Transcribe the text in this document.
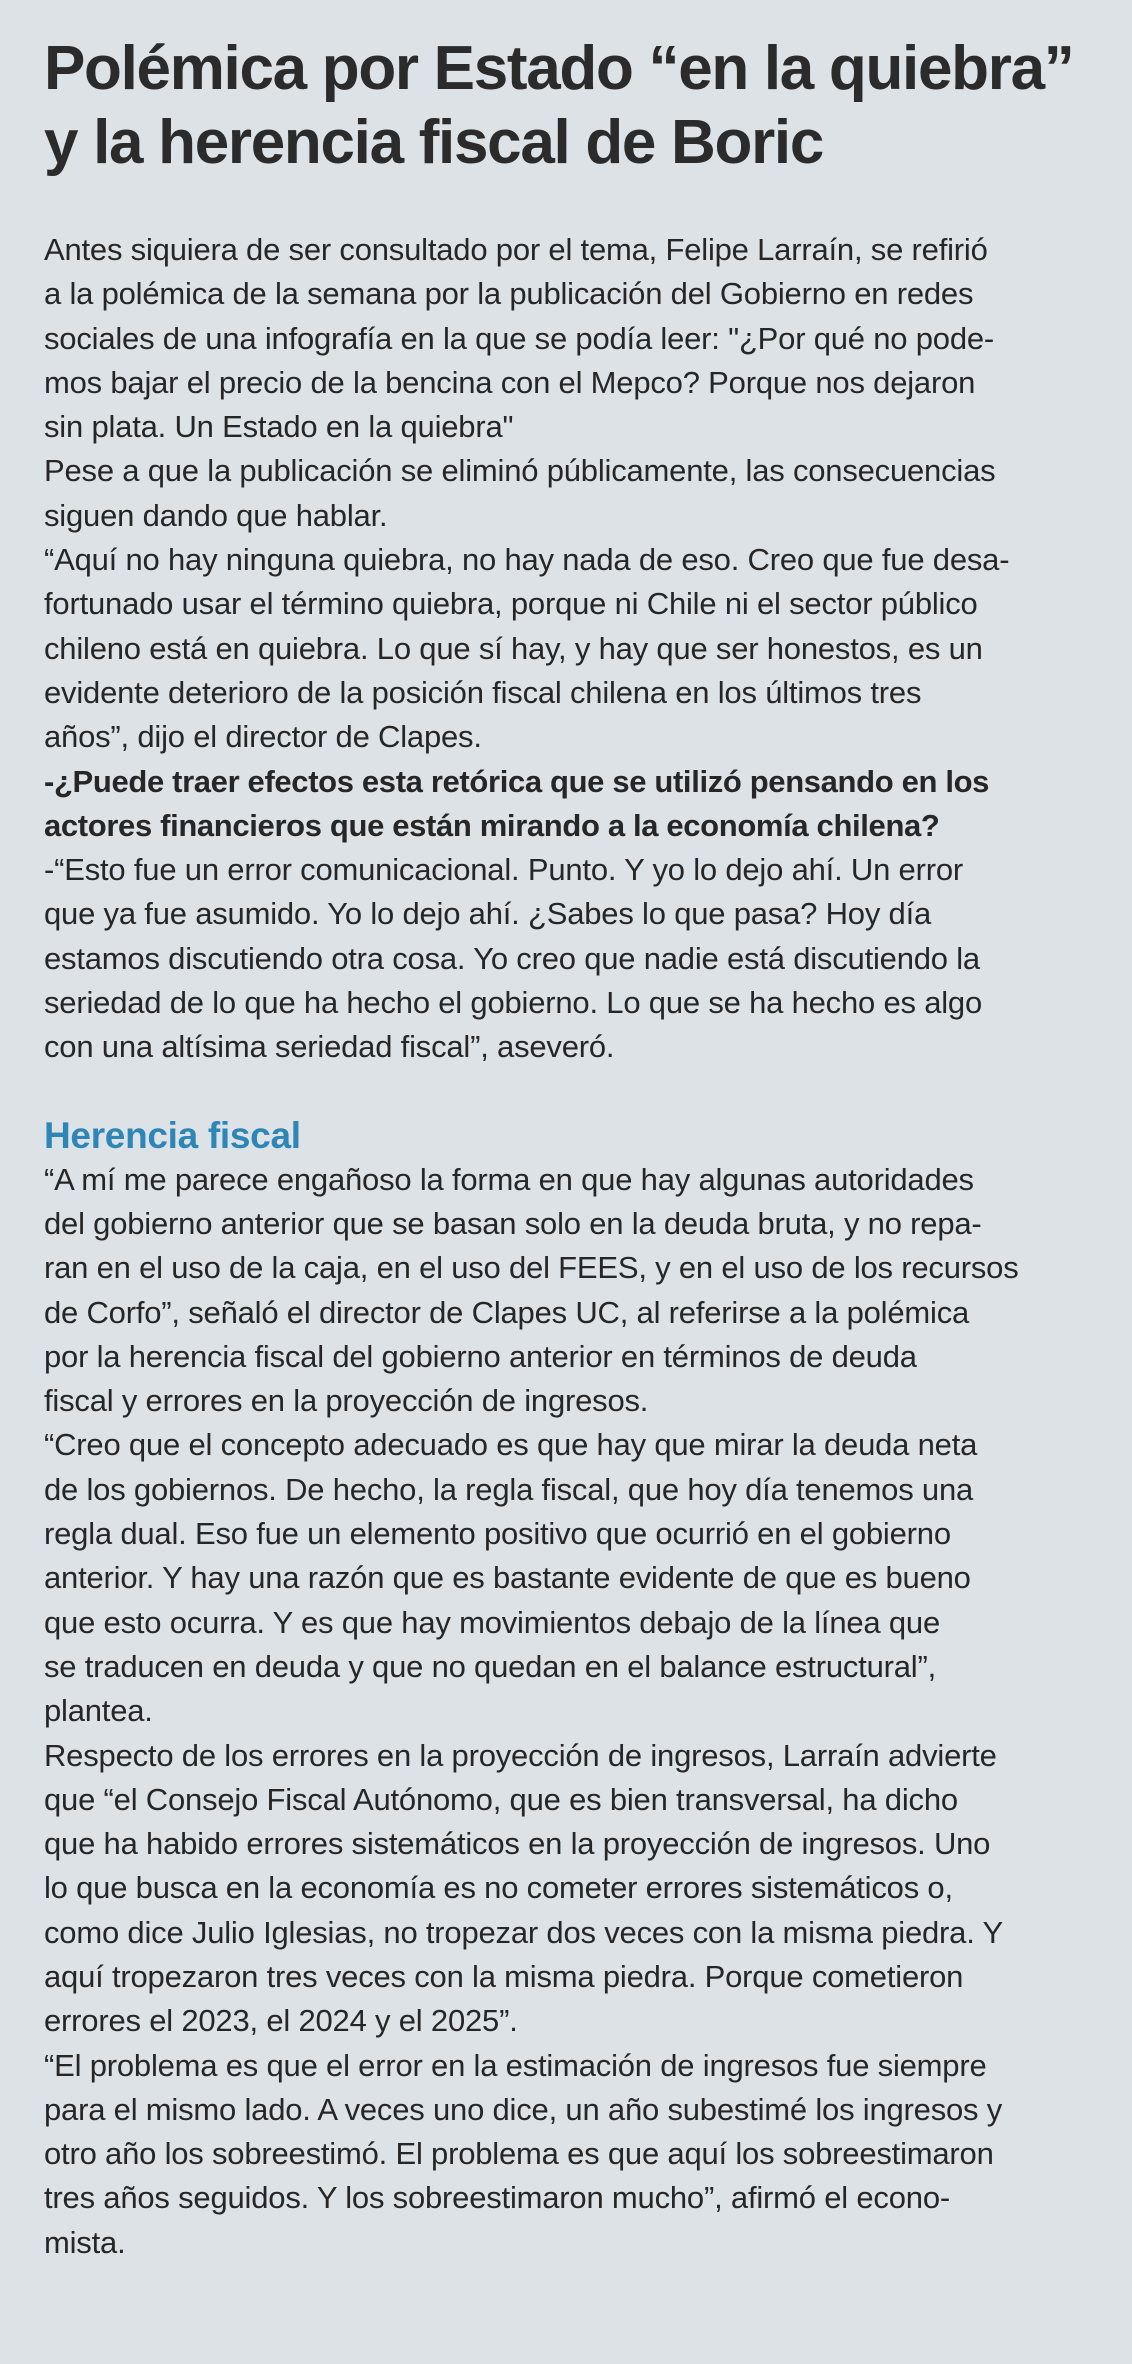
Polémica por Estado “en la quiebra”
y la herencia fiscal de Boric
Antes siquiera de ser consultado por el tema, Felipe Larraín, se refirió
a la polémica de la semana por la publicación del Gobierno en redes
sociales de una infografía en la que se podía leer: "¿Por qué no pode-
mos bajar el precio de la bencina con el Mepco? Porque nos dejaron
sin plata. Un Estado en la quiebra"
Pese a que la publicación se eliminó públicamente, las consecuencias
siguen dando que hablar.
“Aquí no hay ninguna quiebra, no hay nada de eso. Creo que fue desa-
fortunado usar el término quiebra, porque ni Chile ni el sector público
chileno está en quiebra. Lo que sí hay, y hay que ser honestos, es un
evidente deterioro de la posición fiscal chilena en los últimos tres
años”, dijo el director de Clapes.
-¿Puede traer efectos esta retórica que se utilizó pensando en los
actores financieros que están mirando a la economía chilena?
-“Esto fue un error comunicacional. Punto. Y yo lo dejo ahí. Un error
que ya fue asumido. Yo lo dejo ahí. ¿Sabes lo que pasa? Hoy día
estamos discutiendo otra cosa. Yo creo que nadie está discutiendo la
seriedad de lo que ha hecho el gobierno. Lo que se ha hecho es algo
con una altísima seriedad fiscal”, aseveró.
Herencia fiscal
“A mí me parece engañoso la forma en que hay algunas autoridades
del gobierno anterior que se basan solo en la deuda bruta, y no repa-
ran en el uso de la caja, en el uso del FEES, y en el uso de los recursos
de Corfo”, señaló el director de Clapes UC, al referirse a la polémica
por la herencia fiscal del gobierno anterior en términos de deuda
fiscal y errores en la proyección de ingresos.
“Creo que el concepto adecuado es que hay que mirar la deuda neta
de los gobiernos. De hecho, la regla fiscal, que hoy día tenemos una
regla dual. Eso fue un elemento positivo que ocurrió en el gobierno
anterior. Y hay una razón que es bastante evidente de que es bueno
que esto ocurra. Y es que hay movimientos debajo de la línea que
se traducen en deuda y que no quedan en el balance estructural”,
plantea.
Respecto de los errores en la proyección de ingresos, Larraín advierte
que “el Consejo Fiscal Autónomo, que es bien transversal, ha dicho
que ha habido errores sistemáticos en la proyección de ingresos. Uno
lo que busca en la economía es no cometer errores sistemáticos o,
como dice Julio Iglesias, no tropezar dos veces con la misma piedra. Y
aquí tropezaron tres veces con la misma piedra. Porque cometieron
errores el 2023, el 2024 y el 2025”.
“El problema es que el error en la estimación de ingresos fue siempre
para el mismo lado. A veces uno dice, un año subestimé los ingresos y
otro año los sobreestimó. El problema es que aquí los sobreestimaron
tres años seguidos. Y los sobreestimaron mucho”, afirmó el econo-
mista.
